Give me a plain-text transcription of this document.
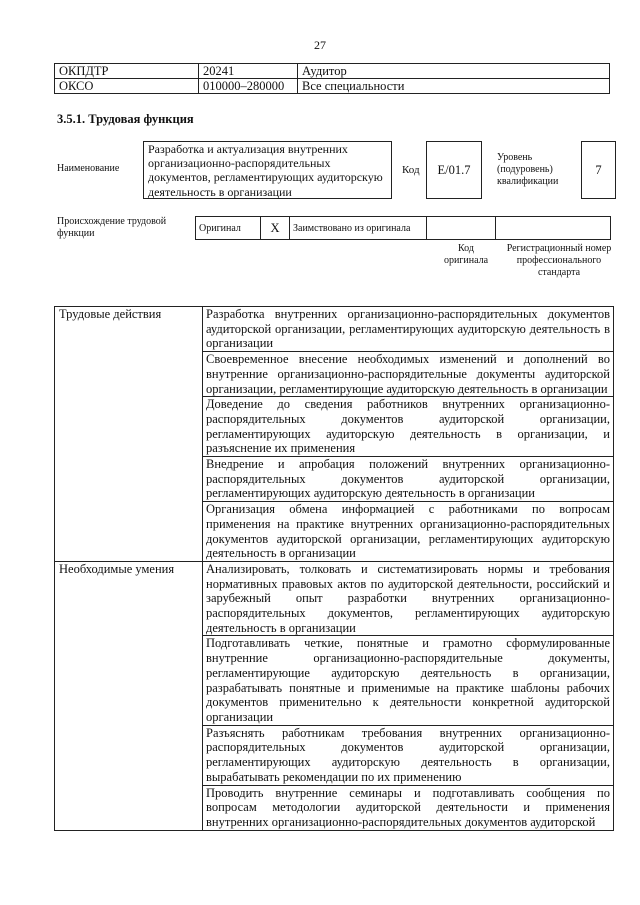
27
ОКПДТР	20241	Аудитор
ОКСО	010000–280000	Все специальности
3.5.1. Трудовая функция
Наименование
Разработка и актуализация внутренних организационно-распорядительных документов, регламентирующих аудиторскую деятельность в организации
Код	E/01.7
Уровень (подуровень) квалификации
7
Происхождение трудовой функции	Оригинал	X	Заимствовано из оригинала		
Код оригинала
Регистрационный номер профессионального стандарта
Трудовые действия	Разработка внутренних организационно-распорядительных документов аудиторской организации, регламентирующих аудиторскую деятельность в организации
	Своевременное внесение необходимых изменений и дополнений во внутренние организационно-распорядительные документы аудиторской организации, регламентирующие аудиторскую деятельность в организации
	Доведение до сведения работников внутренних организационно-распорядительных документов аудиторской организации, регламентирующих аудиторскую деятельность в организации, и разъяснение их применения
	Внедрение и апробация положений внутренних организационно-распорядительных документов аудиторской организации, регламентирующих аудиторскую деятельность в организации
	Организация обмена информацией с работниками по вопросам применения на практике внутренних организационно-распорядительных документов аудиторской организации, регламентирующих аудиторскую деятельность в организации
Необходимые умения	Анализировать, толковать и систематизировать нормы и требования нормативных правовых актов по аудиторской деятельности, российский и зарубежный опыт разработки внутренних организационно-распорядительных документов, регламентирующих аудиторскую деятельность в организации
	Подготавливать четкие, понятные и грамотно сформулированные внутренние организационно-распорядительные документы, регламентирующие аудиторскую деятельность в организации, разрабатывать понятные и применимые на практике шаблоны рабочих документов применительно к деятельности конкретной аудиторской организации
	Разъяснять работникам требования внутренних организационно-распорядительных документов аудиторской организации, регламентирующих аудиторскую деятельность в организации, вырабатывать рекомендации по их применению
	Проводить внутренние семинары и подготавливать сообщения по вопросам методологии аудиторской деятельности и применения внутренних организационно-распорядительных документов аудиторской
